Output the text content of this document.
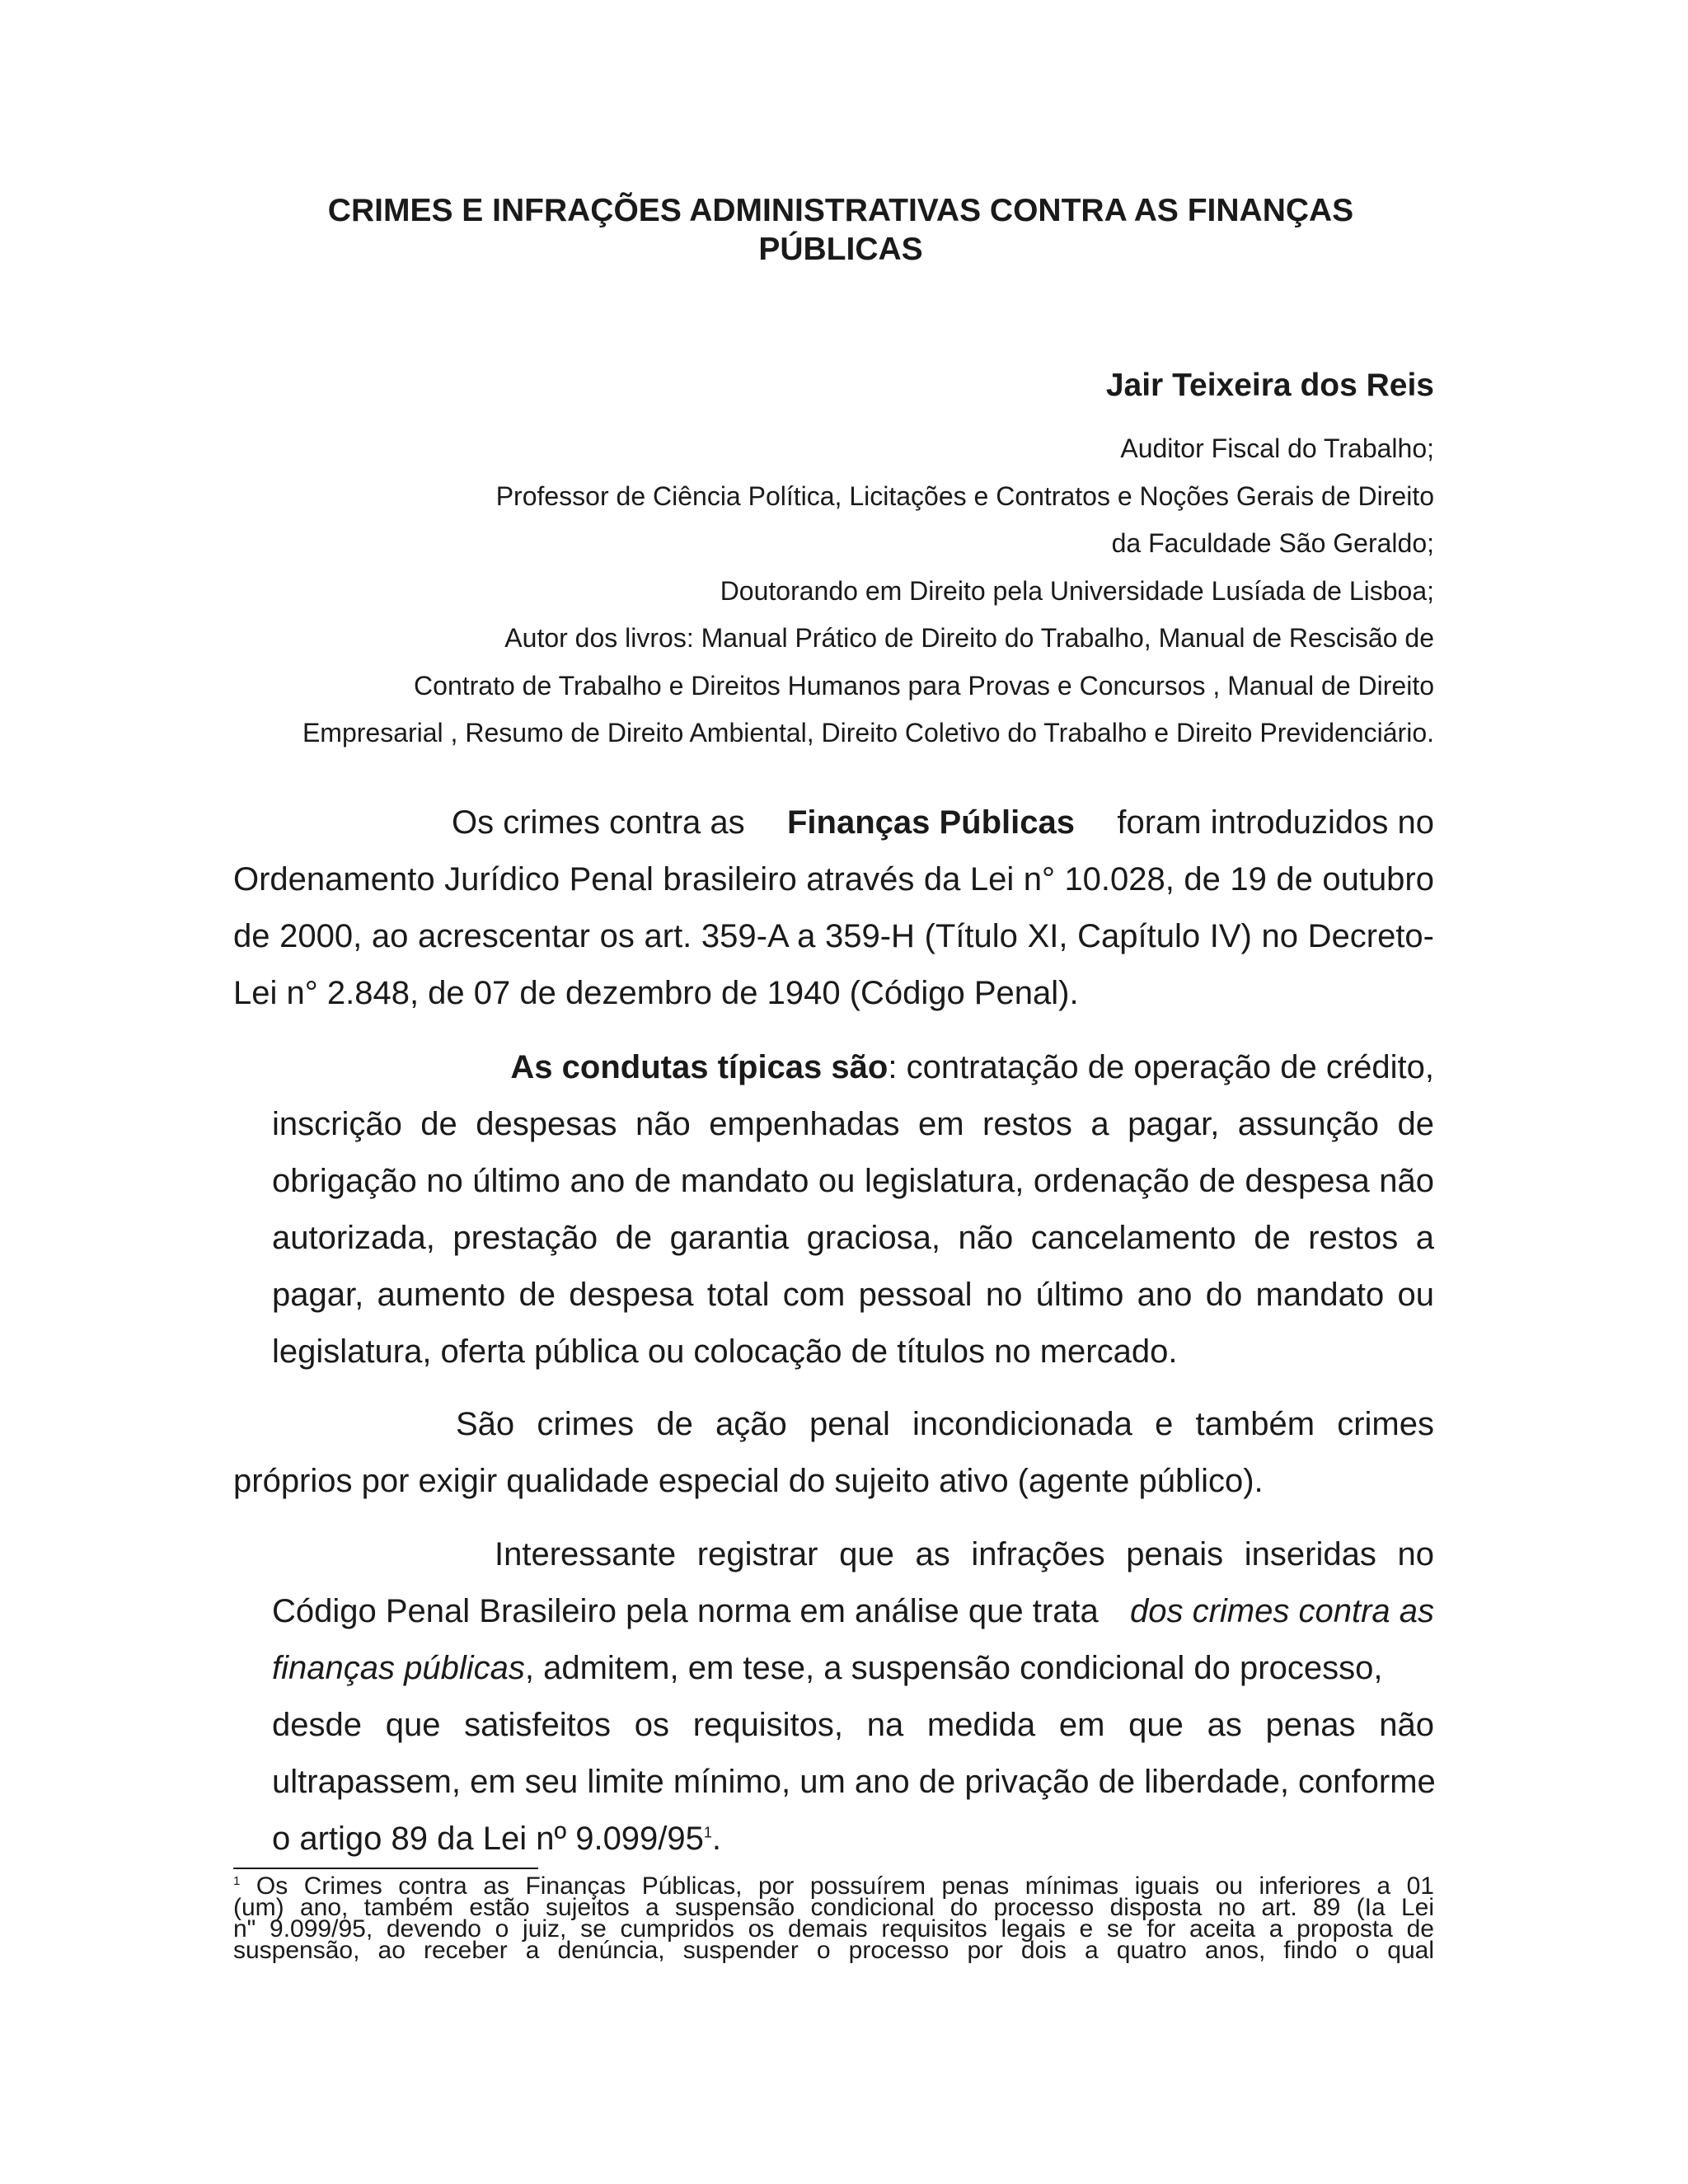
CRIMES E INFRAÇÕES ADMINISTRATIVAS CONTRA AS FINANÇAS
PÚBLICAS

Jair Teixeira dos Reis

Auditor Fiscal do Trabalho;
Professor de Ciência Política, Licitações e Contratos e Noções Gerais de Direito
da Faculdade São Geraldo;
Doutorando em Direito pela Universidade Lusíada de Lisboa;
Autor dos livros: Manual Prático de Direito do Trabalho, Manual de Rescisão de
Contrato de Trabalho e Direitos Humanos para Provas e Concursos , Manual de Direito
Empresarial , Resumo de Direito Ambiental, Direito Coletivo do Trabalho e Direito Previdenciário.
Os crimes contra as Finanças Públicas foram introduzidos no
Ordenamento Jurídico Penal brasileiro através da Lei n° 10.028, de 19 de outubro
de 2000, ao acrescentar os art. 359-A a 359-H (Título XI, Capítulo IV) no Decreto-
Lei n° 2.848, de 07 de dezembro de 1940 (Código Penal).
As condutas típicas são: contratação de operação de crédito,
inscrição de despesas não empenhadas em restos a pagar, assunção de
obrigação no último ano de mandato ou legislatura, ordenação de despesa não
autorizada, prestação de garantia graciosa, não cancelamento de restos a
pagar, aumento de despesa total com pessoal no último ano do mandato ou
legislatura, oferta pública ou colocação de títulos no mercado.
São crimes de ação penal incondicionada e também crimes
próprios por exigir qualidade especial do sujeito ativo (agente público).
Interessante registrar que as infrações penais inseridas no
Código Penal Brasileiro pela norma em análise que trata dos crimes contra as
finanças públicas, admitem, em tese, a suspensão condicional do processo,
desde que satisfeitos os requisitos, na medida em que as penas não
ultrapassem, em seu limite mínimo, um ano de privação de liberdade, conforme
o artigo 89 da Lei nº $9.099/95^1$.
$^1$ Os Crimes contra as Finanças Públicas, por possuírem penas mínimas iguais ou inferiores a 01
(um) ano, também estão sujeitos a suspensão condicional do processo disposta no art. 89 (Ia Lei
n" 9.099/95, devendo o juiz, se cumpridos os demais requisitos legais e se for aceita a proposta de
suspensão, ao receber a denúncia, suspender o processo por dois a quatro anos, findo o qual
